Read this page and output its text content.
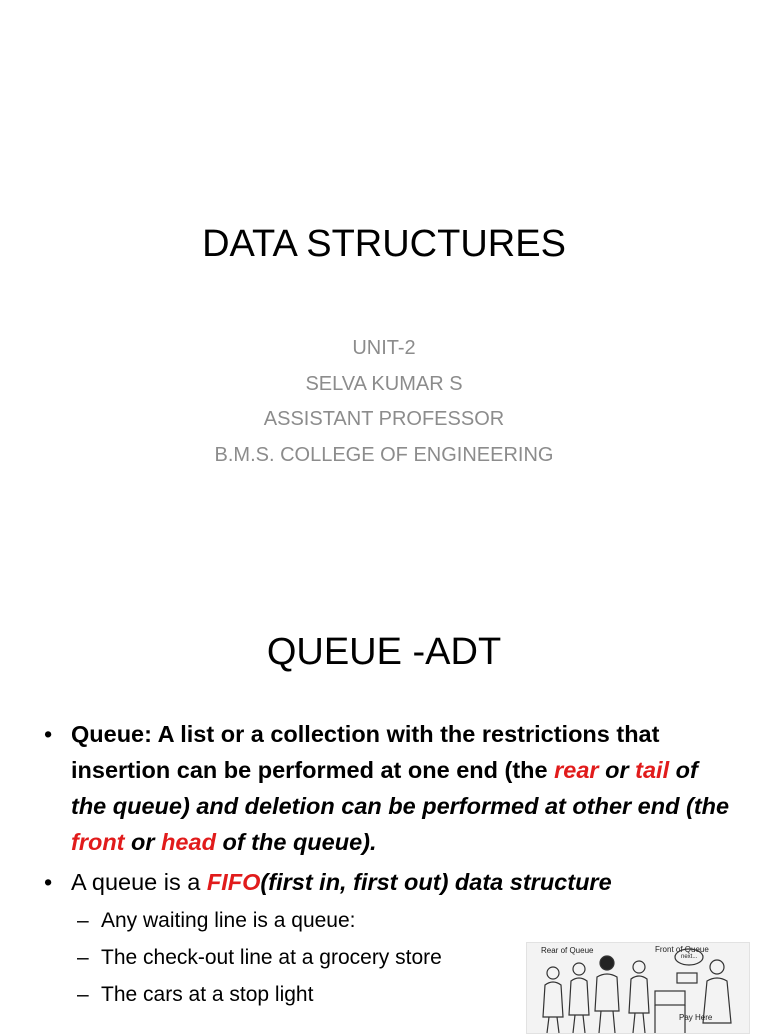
DATA STRUCTURES
UNIT-2
SELVA KUMAR S
ASSISTANT PROFESSOR
B.M.S. COLLEGE OF ENGINEERING
QUEUE -ADT
• Queue: A list or a collection with the restrictions that insertion can be performed at one end (the rear or tail of the queue) and deletion can be performed at other end (the front or head of the queue).
• A queue is a FIFO(first in, first out) data structure
– Any waiting line is a queue:
– The check-out line at a grocery store
– The cars at a stop light
Rear of Queue	Front of Queue
next...
Pay Here
